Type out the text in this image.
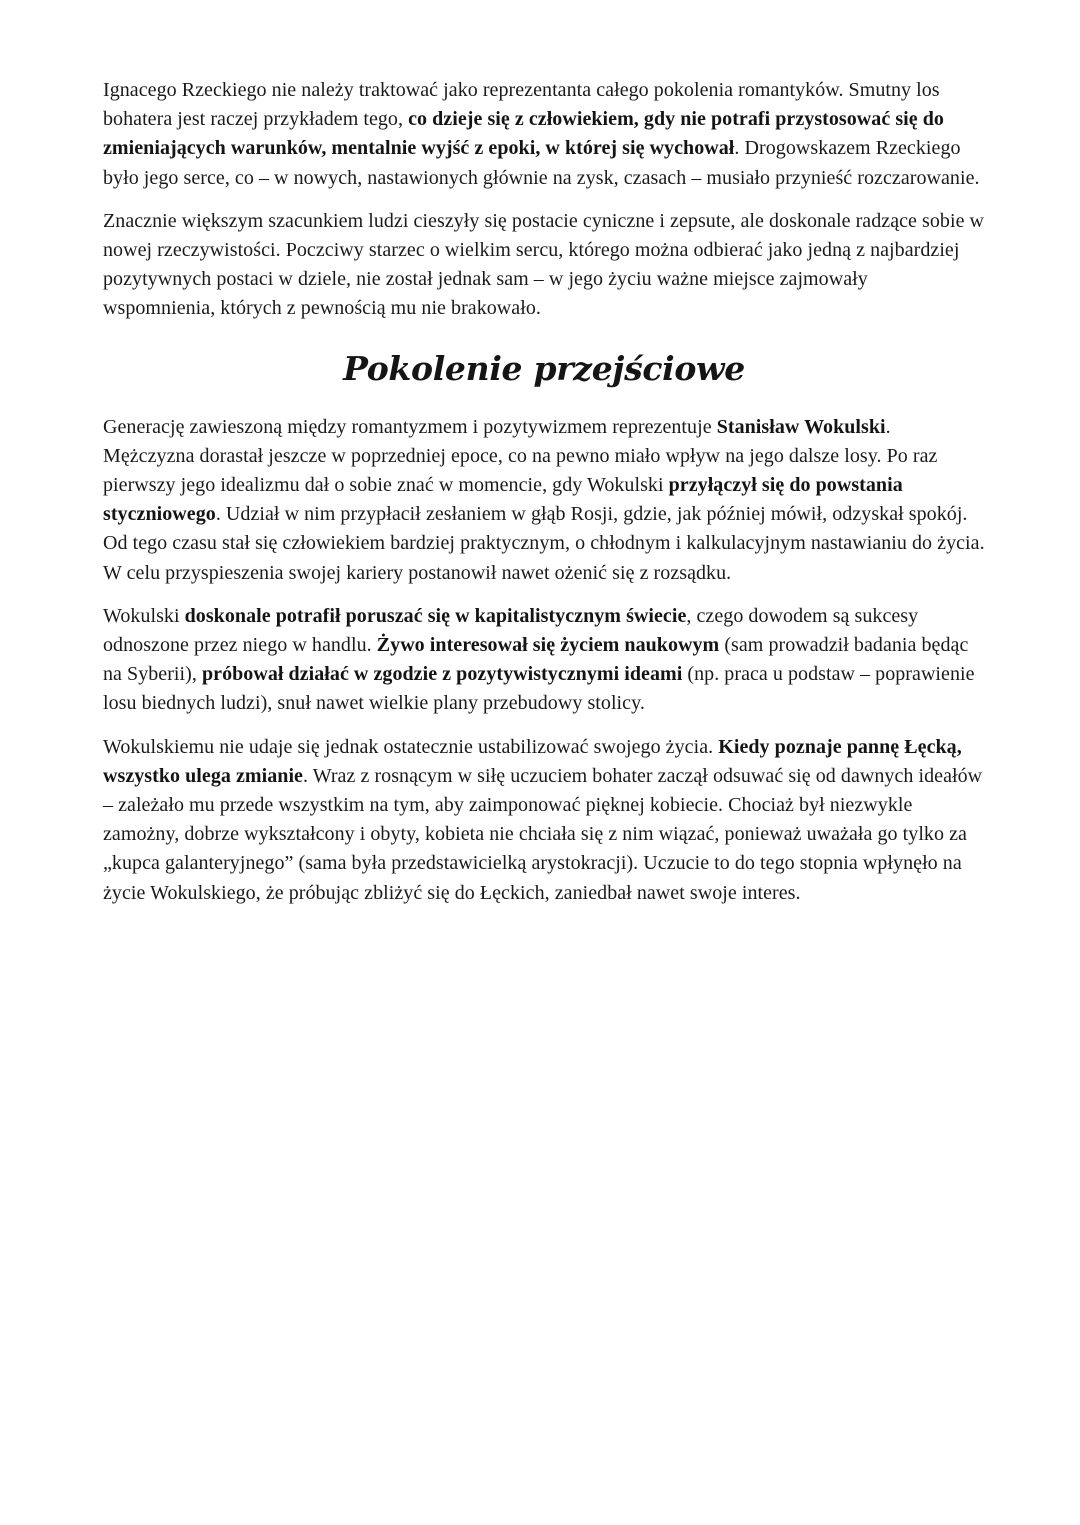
Ignacego Rzeckiego nie należy traktować jako reprezentanta całego pokolenia romantyków. Smutny los bohatera jest raczej przykładem tego, co dzieje się z człowiekiem, gdy nie potrafi przystosować się do zmieniających warunków, mentalnie wyjść z epoki, w której się wychował. Drogowskazem Rzeckiego było jego serce, co – w nowych, nastawionych głównie na zysk, czasach – musiało przynieść rozczarowanie.

Znacznie większym szacunkiem ludzi cieszyły się postacie cyniczne i zepsute, ale doskonale radzące sobie w nowej rzeczywistości. Poczciwy starzec o wielkim sercu, którego można odbierać jako jedną z najbardziej pozytywnych postaci w dziele, nie został jednak sam – w jego życiu ważne miejsce zajmowały wspomnienia, których z pewnością mu nie brakowało.

Pokolenie przejściowe

Generację zawieszoną między romantyzmem i pozytywizmem reprezentuje Stanisław Wokulski. Mężczyzna dorastał jeszcze w poprzedniej epoce, co na pewno miało wpływ na jego dalsze losy. Po raz pierwszy jego idealizmu dał o sobie znać w momencie, gdy Wokulski przyłączył się do powstania styczniowego. Udział w nim przypłacił zesłaniem w głąb Rosji, gdzie, jak później mówił, odzyskał spokój. Od tego czasu stał się człowiekiem bardziej praktycznym, o chłodnym i kalkulacyjnym nastawianiu do życia. W celu przyspieszenia swojej kariery postanowił nawet ożenić się z rozsądku.

Wokulski doskonale potrafił poruszać się w kapitalistycznym świecie, czego dowodem są sukcesy odnoszone przez niego w handlu. Żywo interesował się życiem naukowym (sam prowadził badania będąc na Syberii), próbował działać w zgodzie z pozytywistycznymi ideami (np. praca u podstaw – poprawienie losu biednych ludzi), snuł nawet wielkie plany przebudowy stolicy.

Wokulskiemu nie udaje się jednak ostatecznie ustabilizować swojego życia. Kiedy poznaje pannę Łęcką, wszystko ulega zmianie. Wraz z rosnącym w siłę uczuciem bohater zaczął odsuwać się od dawnych ideałów – zależało mu przede wszystkim na tym, aby zaimponować pięknej kobiecie. Chociaż był niezwykle zamożny, dobrze wykształcony i obyty, kobieta nie chciała się z nim wiązać, ponieważ uważała go tylko za „kupca galanteryjnego” (sama była przedstawicielką arystokracji). Uczucie to do tego stopnia wpłynęło na życie Wokulskiego, że próbując zbliżyć się do Łęckich, zaniedbał nawet swoje interes.
